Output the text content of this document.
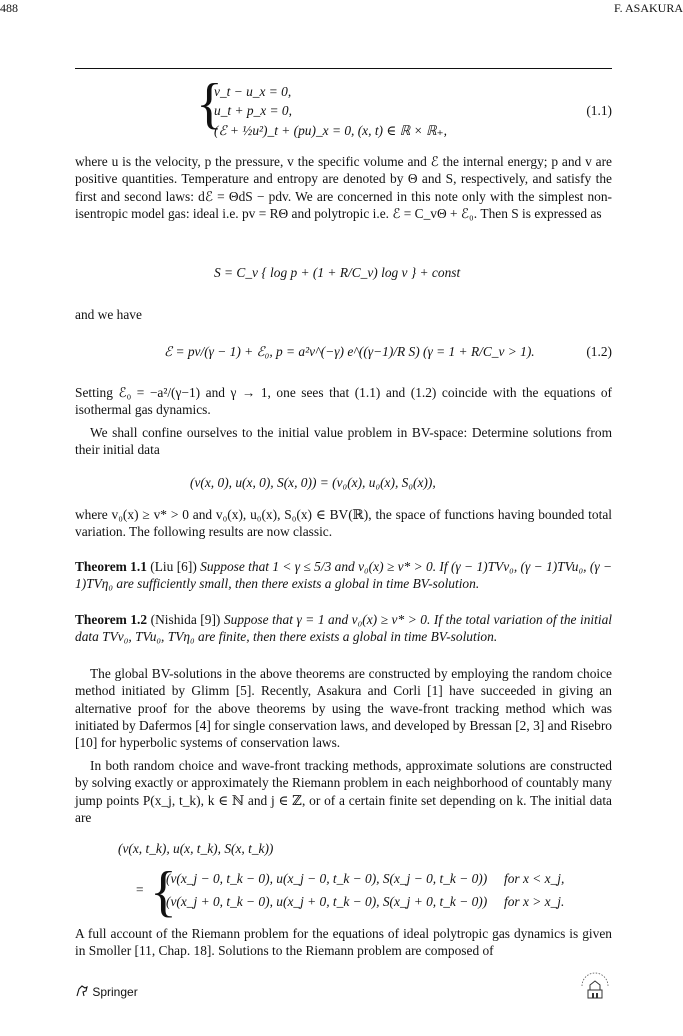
488	F. ASAKURA
{
v_t − u_x = 0,
u_t + p_x = 0,
(ℰ + ½u²)_t + (pu)_x = 0, (x, t) ∈ ℝ × ℝ₊,
(1.1)
where u is the velocity, p the pressure, v the specific volume and ℰ the internal energy; p and v are positive quantities. Temperature and entropy are denoted by Θ and S, respectively, and satisfy the first and second laws: dℰ = ΘdS − pdv. We are concerned in this note only with the simplest non-isentropic model gas: ideal i.e. pv = RΘ and polytropic i.e. ℰ = C_vΘ + ℰ₀. Then S is expressed as
S = C_v { log p + (1 + R/C_v) log v } + const
and we have
ℰ = pv/(γ − 1) + ℰ₀, p = a²v^(−γ) e^((γ−1)/R S) (γ = 1 + R/C_v > 1).	(1.2)
Setting ℰ₀ = −a²/(γ−1) and γ → 1, one sees that (1.1) and (1.2) coincide with the equations of isothermal gas dynamics.
We shall confine ourselves to the initial value problem in BV-space: Determine solutions from their initial data
(v(x, 0), u(x, 0), S(x, 0)) = (v₀(x), u₀(x), S₀(x)),
where v₀(x) ≥ v* > 0 and v₀(x), u₀(x), S₀(x) ∈ BV(ℝ), the space of functions having bounded total variation. The following results are now classic.
Theorem 1.1 (Liu [6]) Suppose that 1 < γ ≤ 5/3 and v₀(x) ≥ v* > 0. If (γ − 1)TVv₀, (γ − 1)TVu₀, (γ − 1)TVη₀ are sufficiently small, then there exists a global in time BV-solution.
Theorem 1.2 (Nishida [9]) Suppose that γ = 1 and v₀(x) ≥ v* > 0. If the total variation of the initial data TVv₀, TVu₀, TVη₀ are finite, then there exists a global in time BV-solution.
The global BV-solutions in the above theorems are constructed by employing the random choice method initiated by Glimm [5]. Recently, Asakura and Corli [1] have succeeded in giving an alternative proof for the above theorems by using the wave-front tracking method which was initiated by Dafermos [4] for single conservation laws, and developed by Bressan [2, 3] and Risebro [10] for hyperbolic systems of conservation laws.
In both random choice and wave-front tracking methods, approximate solutions are constructed by solving exactly or approximately the Riemann problem in each neighborhood of countably many jump points P(x_j, t_k), k ∈ ℕ and j ∈ ℤ, or of a certain finite set depending on k. The initial data are
(v(x, t_k), u(x, t_k), S(x, t_k))
= {
(v(x_j − 0, t_k − 0), u(x_j − 0, t_k − 0), S(x_j − 0, t_k − 0)) for x < x_j,
(v(x_j + 0, t_k − 0), u(x_j + 0, t_k − 0), S(x_j + 0, t_k − 0)) for x > x_j.
A full account of the Riemann problem for the equations of ideal polytropic gas dynamics is given in Smoller [11, Chap. 18]. Solutions to the Riemann problem are composed of
Springer
